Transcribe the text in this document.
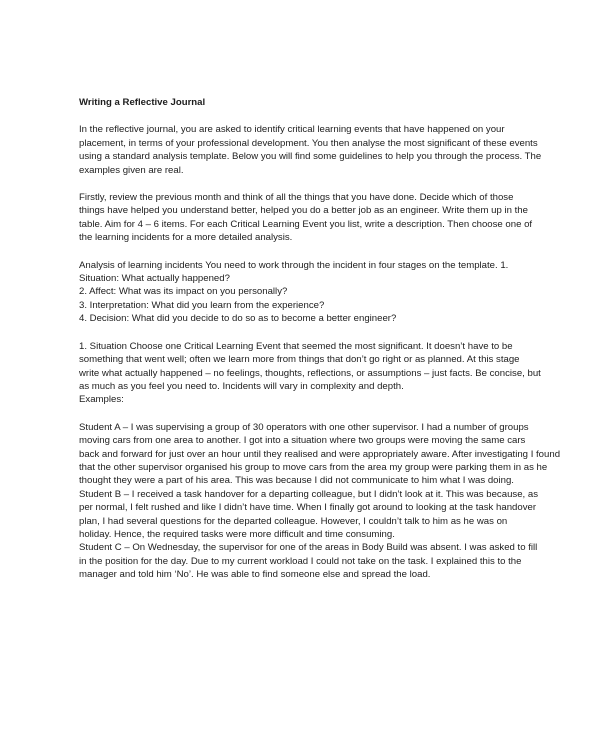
Writing a Reflective Journal
In the reflective journal, you are asked to identify critical learning events that have happened on your
placement, in terms of your professional development. You then analyse the most significant of these events
using a standard analysis template. Below you will find some guidelines to help you through the process. The
examples given are real.
Firstly, review the previous month and think of all the things that you have done. Decide which of those
things have helped you understand better, helped you do a better job as an engineer. Write them up in the
table. Aim for 4 – 6 items. For each Critical Learning Event you list, write a description. Then choose one of
the learning incidents for a more detailed analysis.
Analysis of learning incidents You need to work through the incident in four stages on the template. 1.
Situation: What actually happened?
2. Affect: What was its impact on you personally?
3. Interpretation: What did you learn from the experience?
4. Decision: What did you decide to do so as to become a better engineer?
1. Situation Choose one Critical Learning Event that seemed the most significant. It doesn’t have to be
something that went well; often we learn more from things that don’t go right or as planned. At this stage
write what actually happened – no feelings, thoughts, reflections, or assumptions – just facts. Be concise, but
as much as you feel you need to. Incidents will vary in complexity and depth.
Examples:
Student A – I was supervising a group of 30 operators with one other supervisor. I had a number of groups
moving cars from one area to another. I got into a situation where two groups were moving the same cars
back and forward for just over an hour until they realised and were appropriately aware. After investigating I found
that the other supervisor organised his group to move cars from the area my group were parking them in as he
thought they were a part of his area. This was because I did not communicate to him what I was doing.
Student B – I received a task handover for a departing colleague, but I didn’t look at it. This was because, as
per normal, I felt rushed and like I didn’t have time. When I finally got around to looking at the task handover
plan, I had several questions for the departed colleague. However, I couldn’t talk to him as he was on
holiday. Hence, the required tasks were more difficult and time consuming.
Student C – On Wednesday, the supervisor for one of the areas in Body Build was absent. I was asked to fill
in the position for the day. Due to my current workload I could not take on the task. I explained this to the
manager and told him ‘No’. He was able to find someone else and spread the load.
